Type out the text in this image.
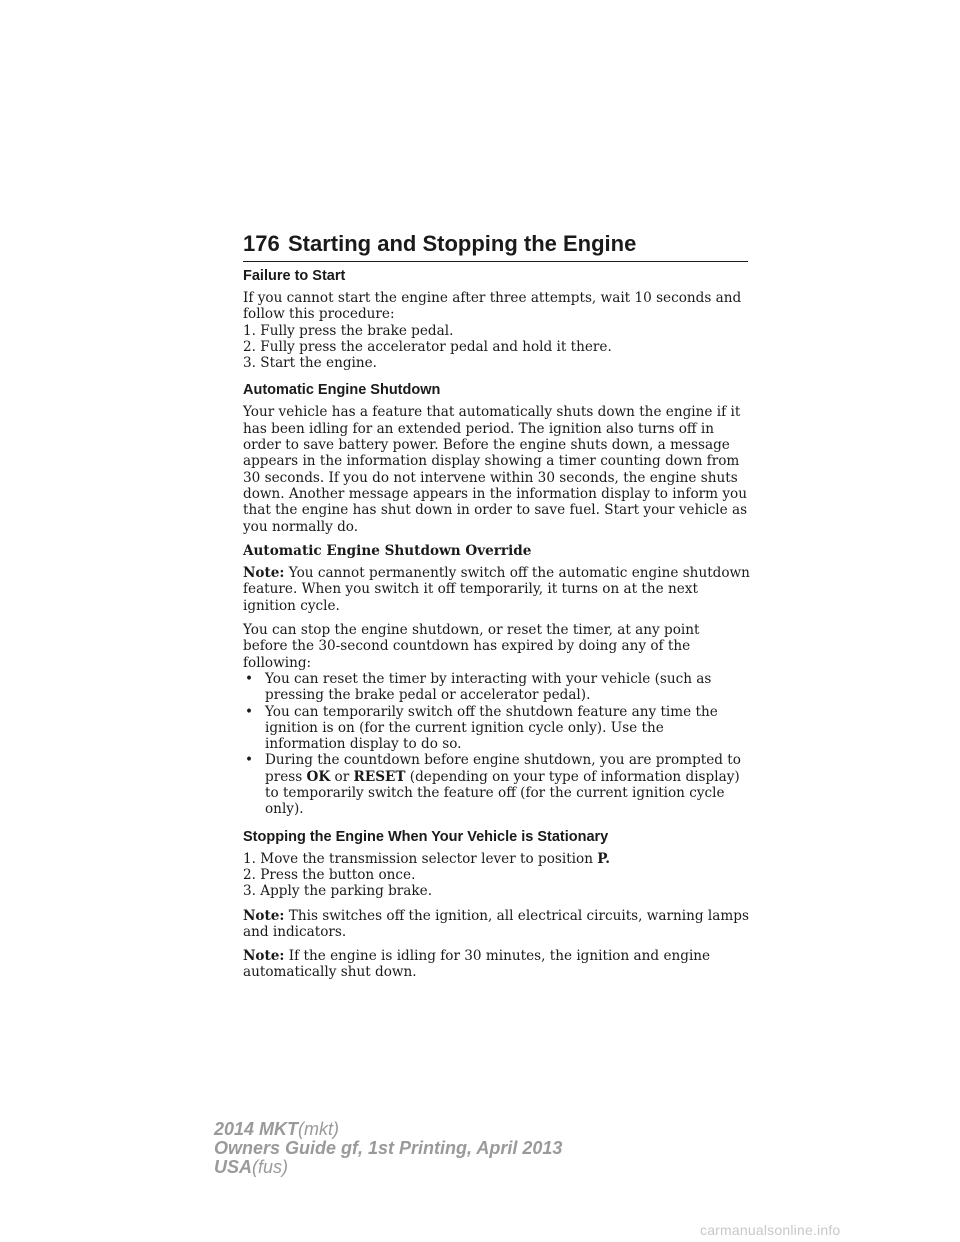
176 Starting and Stopping the Engine
Failure to Start
If you cannot start the engine after three attempts, wait 10 seconds and
follow this procedure:
1. Fully press the brake pedal.
2. Fully press the accelerator pedal and hold it there.
3. Start the engine.
Automatic Engine Shutdown

Your vehicle has a feature that automatically shuts down the engine if it
has been idling for an extended period. The ignition also turns off in
order to save battery power. Before the engine shuts down, a message
appears in the information display showing a timer counting down from
30 seconds. If you do not intervene within 30 seconds, the engine shuts
down. Another message appears in the information display to inform you
that the engine has shut down in order to save fuel. Start your vehicle as
you normally do.

Automatic Engine Shutdown Override

Note: You cannot permanently switch off the automatic engine shutdown
feature. When you switch it off temporarily, it turns on at the next
ignition cycle.

You can stop the engine shutdown, or reset the timer, at any point
before the 30-second countdown has expired by doing any of the
following:

• You can reset the timer by interacting with your vehicle (such as
pressing the brake pedal or accelerator pedal).
• You can temporarily switch off the shutdown feature any time the
ignition is on (for the current ignition cycle only). Use the
information display to do so.
• During the countdown before engine shutdown, you are prompted to
press OK or RESET (depending on your type of information display)
to temporarily switch the feature off (for the current ignition cycle
only).
Stopping the Engine When Your Vehicle is Stationary
1. Move the transmission selector lever to position P.
2. Press the button once.
3. Apply the parking brake.

Note: This switches off the ignition, all electrical circuits, warning lamps
and indicators.

Note: If the engine is idling for 30 minutes, the ignition and engine
automatically shut down.

2014 MKT(mkt)
Owners Guide gf, 1st Printing, April 2013
USA(fus)
carmanualsonline.info
